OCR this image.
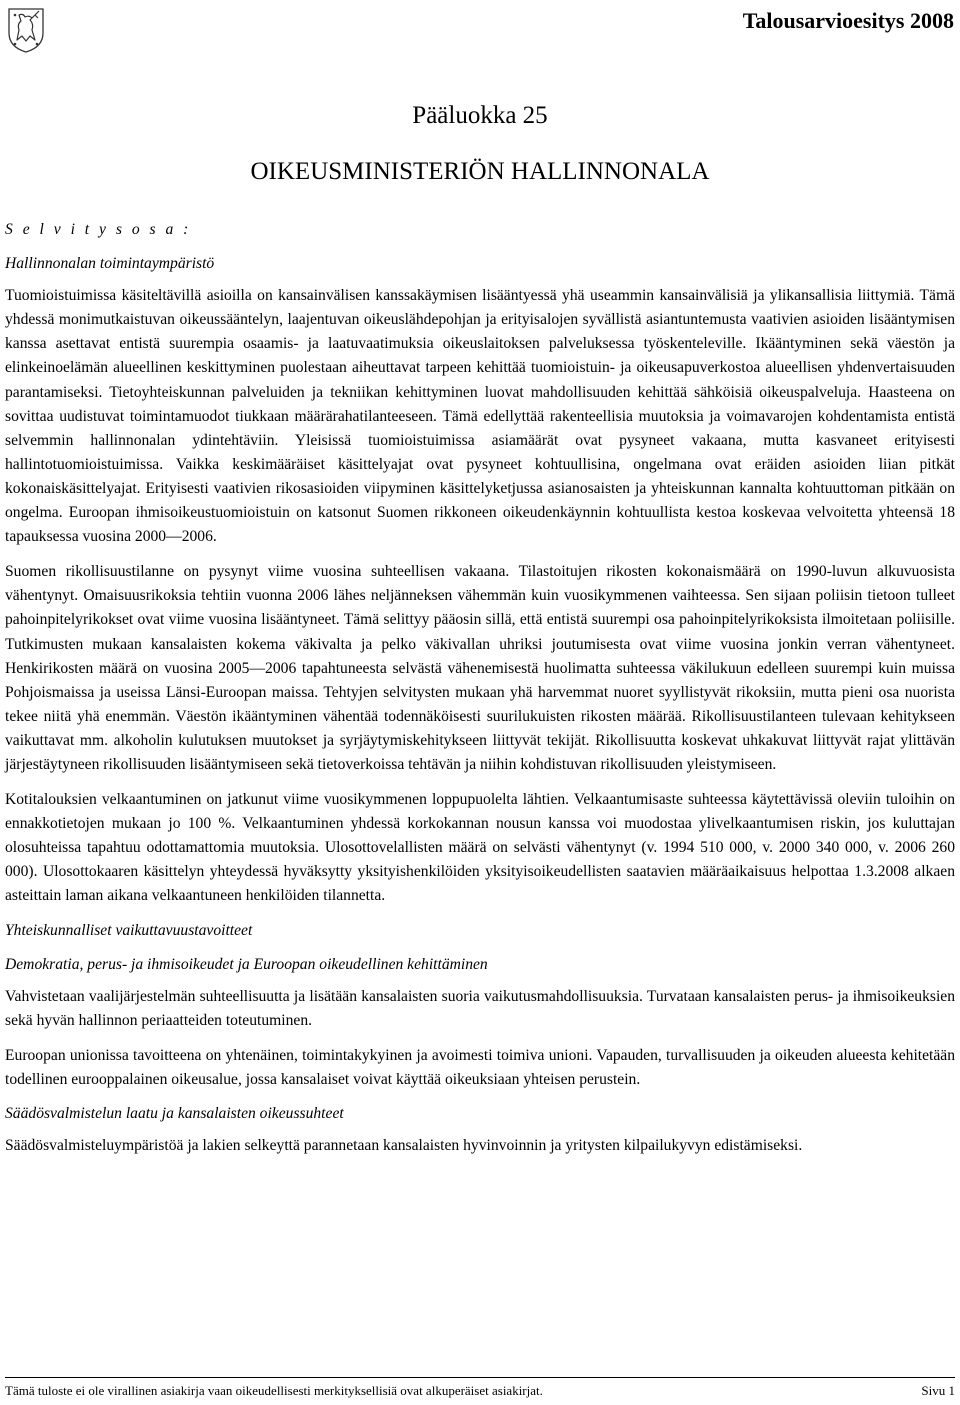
Talousarvioesitys 2008
Pääluokka 25
OIKEUSMINISTERIÖN HALLINNONALA
S e l v i t y s o s a :
Hallinnonalan toimintaympäristö

Tuomioistuimissa käsiteltävillä asioilla on kansainvälisen kanssakäymisen lisääntyessä yhä useammin kansainvälisiä ja ylikansallisia liittymiä. Tämä yhdessä monimutkaistuvan oikeussääntelyn, laajentuvan oikeuslähdepohjan ja erityisalojen syvällistä asiantuntemusta vaativien asioiden lisääntymisen kanssa asettavat entistä suurempia osaamis- ja laatuvaatimuksia oikeuslaitoksen palveluksessa työskenteleville. Ikääntyminen sekä väestön ja elinkeinoelämän alueellinen keskittyminen puolestaan aiheuttavat tarpeen kehittää tuomioistuin- ja oikeusapuverkostoa alueellisen yhdenvertaisuuden parantamiseksi. Tietoyhteiskunnan palveluiden ja tekniikan kehittyminen luovat mahdollisuuden kehittää sähköisiä oikeuspalveluja. Haasteena on sovittaa uudistuvat toimintamuodot tiukkaan määrärahatilanteeseen. Tämä edellyttää rakenteellisia muutoksia ja voimavarojen kohdentamista entistä selvemmin hallinnonalan ydintehtäviin. Yleisissä tuomioistuimissa asiamäärät ovat pysyneet vakaana, mutta kasvaneet erityisesti hallintotuomioistuimissa. Vaikka keskimääräiset käsittelyajat ovat pysyneet kohtuullisina, ongelmana ovat eräiden asioiden liian pitkät kokonaiskäsittelyajat. Erityisesti vaativien rikosasioiden viipyminen käsittelyketjussa asianosaisten ja yhteiskunnan kannalta kohtuuttoman pitkään on ongelma. Euroopan ihmisoikeustuomioistuin on katsonut Suomen rikkoneen oikeudenkäynnin kohtuullista kestoa koskevaa velvoitetta yhteensä 18 tapauksessa vuosina 2000—2006.

Suomen rikollisuustilanne on pysynyt viime vuosina suhteellisen vakaana. Tilastoitujen rikosten kokonaismäärä on 1990-luvun alkuvuosista vähentynyt. Omaisuusrikoksia tehtiin vuonna 2006 lähes neljänneksen vähemmän kuin vuosikymmenen vaihteessa. Sen sijaan poliisin tietoon tulleet pahoinpitelyrikokset ovat viime vuosina lisääntyneet. Tämä selittyy pääosin sillä, että entistä suurempi osa pahoinpitelyrikoksista ilmoitetaan poliisille. Tutkimusten mukaan kansalaisten kokema väkivalta ja pelko väkivallan uhriksi joutumisesta ovat viime vuosina jonkin verran vähentyneet. Henkirikosten määrä on vuosina 2005—2006 tapahtuneesta selvästä vähenemisestä huolimatta suhteessa väkilukuun edelleen suurempi kuin muissa Pohjoismaissa ja useissa Länsi-Euroopan maissa. Tehtyjen selvitysten mukaan yhä harvemmat nuoret syyllistyvät rikoksiin, mutta pieni osa nuorista tekee niitä yhä enemmän. Väestön ikääntyminen vähentää todennäköisesti suurilukuisten rikosten määrää. Rikollisuustilanteen tulevaan kehitykseen vaikuttavat mm. alkoholin kulutuksen muutokset ja syrjäytymiskehitykseen liittyvät tekijät. Rikollisuutta koskevat uhkakuvat liittyvät rajat ylittävän järjestäytyneen rikollisuuden lisääntymiseen sekä tietoverkoissa tehtävän ja niihin kohdistuvan rikollisuuden yleistymiseen.

Kotitalouksien velkaantuminen on jatkunut viime vuosikymmenen loppupuolelta lähtien. Velkaantumisaste suhteessa käytettävissä oleviin tuloihin on ennakkotietojen mukaan jo 100 %. Velkaantuminen yhdessä korkokannan nousun kanssa voi muodostaa ylivelkaantumisen riskin, jos kuluttajan olosuhteissa tapahtuu odottamattomia muutoksia. Ulosottovelallisten määrä on selvästi vähentynyt (v. 1994 510 000, v. 2000 340 000, v. 2006 260 000). Ulosottokaaren käsittelyn yhteydessä hyväksytty yksityishenkilöiden yksityisoikeudellisten saatavien määräaikaisuus helpottaa 1.3.2008 alkaen asteittain laman aikana velkaantuneen henkilöiden tilannetta.

Yhteiskunnalliset vaikuttavuustavoitteet
Demokratia, perus- ja ihmisoikeudet ja Euroopan oikeudellinen kehittäminen

Vahvistetaan vaalijärjestelmän suhteellisuutta ja lisätään kansalaisten suoria vaikutusmahdollisuuksia. Turvataan kansalaisten perus- ja ihmisoikeuksien sekä hyvän hallinnon periaatteiden toteutuminen.

Euroopan unionissa tavoitteena on yhtenäinen, toimintakykyinen ja avoimesti toimiva unioni. Vapauden, turvallisuuden ja oikeuden alueesta kehitetään todellinen eurooppalainen oikeusalue, jossa kansalaiset voivat käyttää oikeuksiaan yhteisen perustein.

Säädösvalmistelun laatu ja kansalaisten oikeussuhteet

Säädösvalmisteluympäristöä ja lakien selkeyttä parannetaan kansalaisten hyvinvoinnin ja yritysten kilpailukyvyn edistämiseksi.

Tämä tuloste ei ole virallinen asiakirja vaan oikeudellisesti merkityksellisiä ovat alkuperäiset asiakirjat.	Sivu 1
